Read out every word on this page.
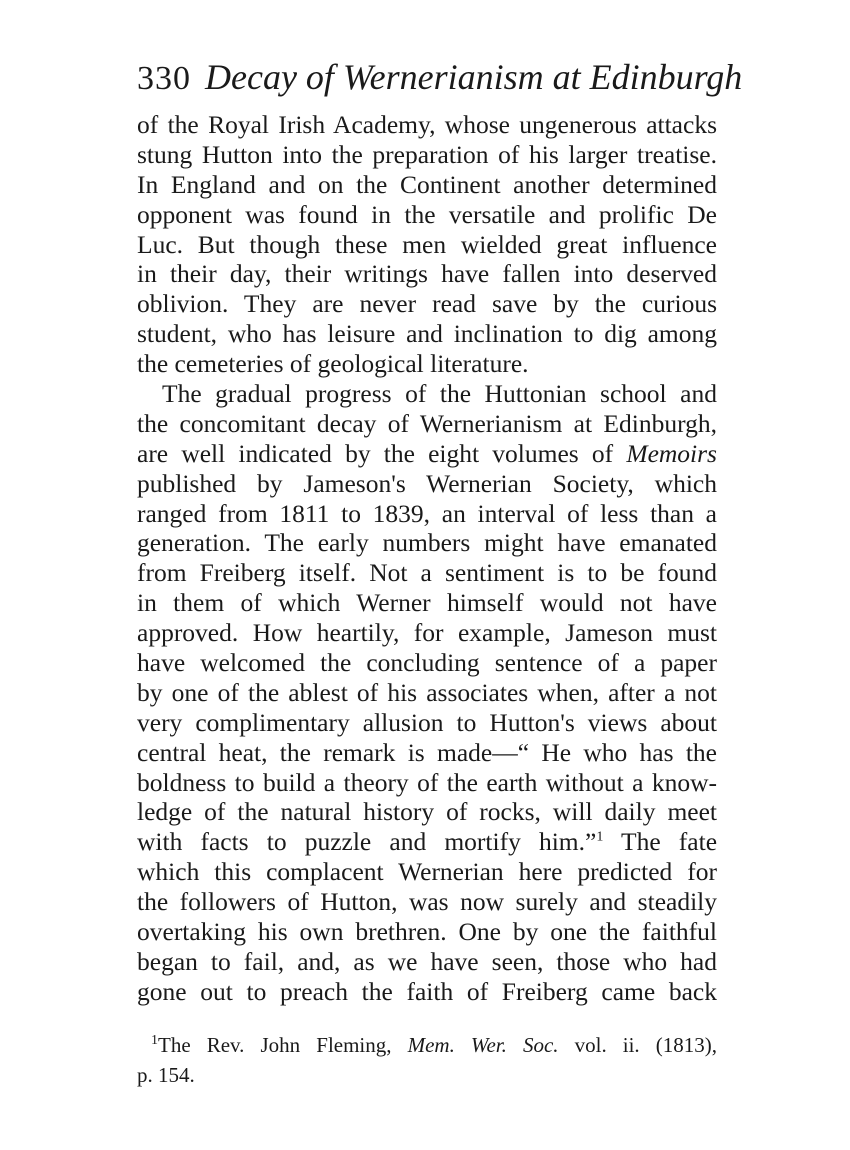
330 Decay of Wernerianism at Edinburgh
of the Royal Irish Academy, whose ungenerous attacks
stung Hutton into the preparation of his larger treatise.
In England and on the Continent another determined
opponent was found in the versatile and prolific De
Luc. But though these men wielded great influence
in their day, their writings have fallen into deserved
oblivion. They are never read save by the curious
student, who has leisure and inclination to dig among
the cemeteries of geological literature.
The gradual progress of the Huttonian school and
the concomitant decay of Wernerianism at Edinburgh,
are well indicated by the eight volumes of Memoirs
published by Jameson's Wernerian Society, which
ranged from 1811 to 1839, an interval of less than a
generation. The early numbers might have emanated
from Freiberg itself. Not a sentiment is to be found
in them of which Werner himself would not have
approved. How heartily, for example, Jameson must
have welcomed the concluding sentence of a paper
by one of the ablest of his associates when, after a not
very complimentary allusion to Hutton's views about
central heat, the remark is made—“ He who has the
boldness to build a theory of the earth without a know-
ledge of the natural history of rocks, will daily meet
with facts to puzzle and mortify him.”$^1$ The fate
which this complacent Wernerian here predicted for
the followers of Hutton, was now surely and steadily
overtaking his own brethren. One by one the faithful
began to fail, and, as we have seen, those who had
gone out to preach the faith of Freiberg came back
$^1$The Rev. John Fleming, Mem. Wer. Soc. vol. ii. (1813),
p. 154.
